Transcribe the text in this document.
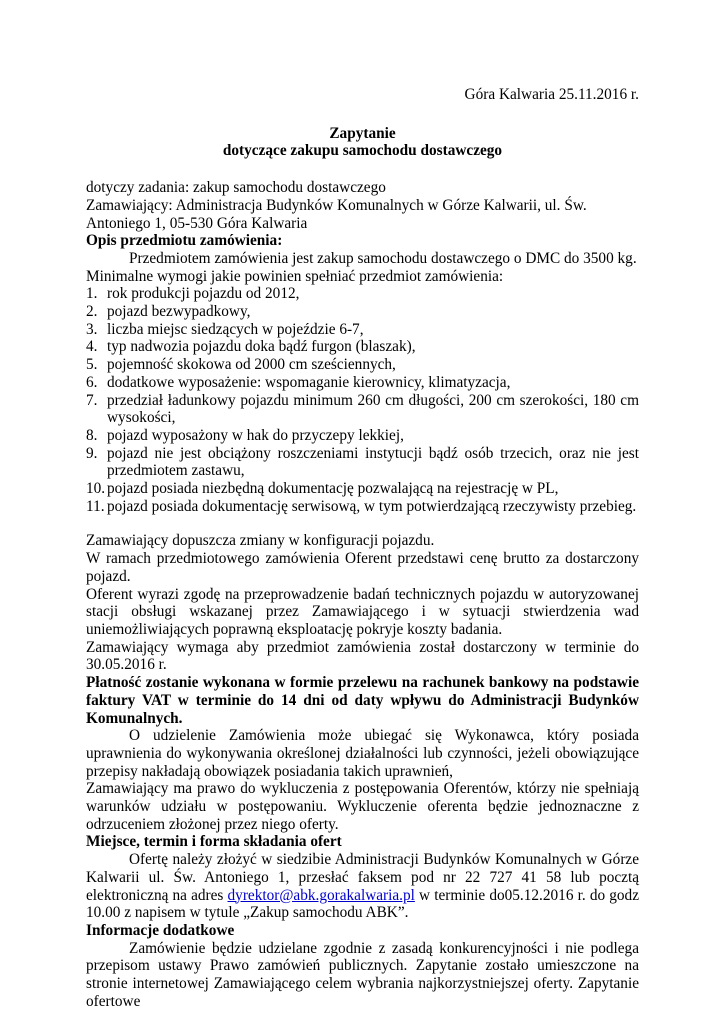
Góra Kalwaria 25.11.2016 r.
Zapytanie
dotyczące zakupu samochodu dostawczego
dotyczy zadania: zakup samochodu dostawczego
Zamawiający: Administracja Budynków Komunalnych w Górze Kalwarii, ul. Św. Antoniego 1, 05-530 Góra Kalwaria
Opis przedmiotu zamówienia:
Przedmiotem zamówienia jest zakup samochodu dostawczego o DMC do 3500 kg.
Minimalne wymogi jakie powinien spełniać przedmiot zamówienia:
1. rok produkcji pojazdu od 2012,
2. pojazd bezwypadkowy,
3. liczba miejsc siedzących w pojeździe 6-7,
4. typ nadwozia pojazdu doka bądź furgon (blaszak),
5. pojemność skokowa od 2000 cm sześciennych,
6. dodatkowe wyposażenie: wspomaganie kierownicy, klimatyzacja,
7. przedział ładunkowy pojazdu minimum 260 cm długości, 200 cm szerokości, 180 cm wysokości,
8. pojazd wyposażony w hak do przyczepy lekkiej,
9. pojazd nie jest obciążony roszczeniami instytucji bądź osób trzecich, oraz nie jest przedmiotem zastawu,
10. pojazd posiada niezbędną dokumentację pozwalającą na rejestrację w PL,
11. pojazd posiada dokumentację serwisową, w tym potwierdzającą rzeczywisty przebieg.
Zamawiający dopuszcza zmiany w konfiguracji pojazdu.
W ramach przedmiotowego zamówienia Oferent przedstawi cenę brutto za dostarczony pojazd.
Oferent wyrazi zgodę na przeprowadzenie badań technicznych pojazdu w autoryzowanej stacji obsługi wskazanej przez Zamawiającego i w sytuacji stwierdzenia wad uniemożliwiających poprawną eksploatację pokryje koszty badania.
Zamawiający wymaga aby przedmiot zamówienia został dostarczony w terminie do 30.05.2016 r.
Płatność zostanie wykonana w formie przelewu na rachunek bankowy na podstawie faktury VAT w terminie do 14 dni od daty wpływu do Administracji Budynków Komunalnych.
O udzielenie Zamówienia może ubiegać się Wykonawca, który posiada uprawnienia do wykonywania określonej działalności lub czynności, jeżeli obowiązujące przepisy nakładają obowiązek posiadania takich uprawnień,
Zamawiający ma prawo do wykluczenia z postępowania Oferentów, którzy nie spełniają warunków udziału w postępowaniu. Wykluczenie oferenta będzie jednoznaczne z odrzuceniem złożonej przez niego oferty.
Miejsce, termin i forma składania ofert
Ofertę należy złożyć w siedzibie Administracji Budynków Komunalnych w Górze Kalwarii ul. Św. Antoniego 1, przesłać faksem pod nr 22 727 41 58 lub pocztą elektroniczną na adres dyrektor@abk.gorakalwaria.pl w terminie do05.12.2016 r. do godz 10.00 z napisem w tytule „Zakup samochodu ABK”.
Informacje dodatkowe
Zamówienie będzie udzielane zgodnie z zasadą konkurencyjności i nie podlega przepisom ustawy Prawo zamówień publicznych. Zapytanie zostało umieszczone na stronie internetowej Zamawiającego celem wybrania najkorzystniejszej oferty. Zapytanie ofertowe
